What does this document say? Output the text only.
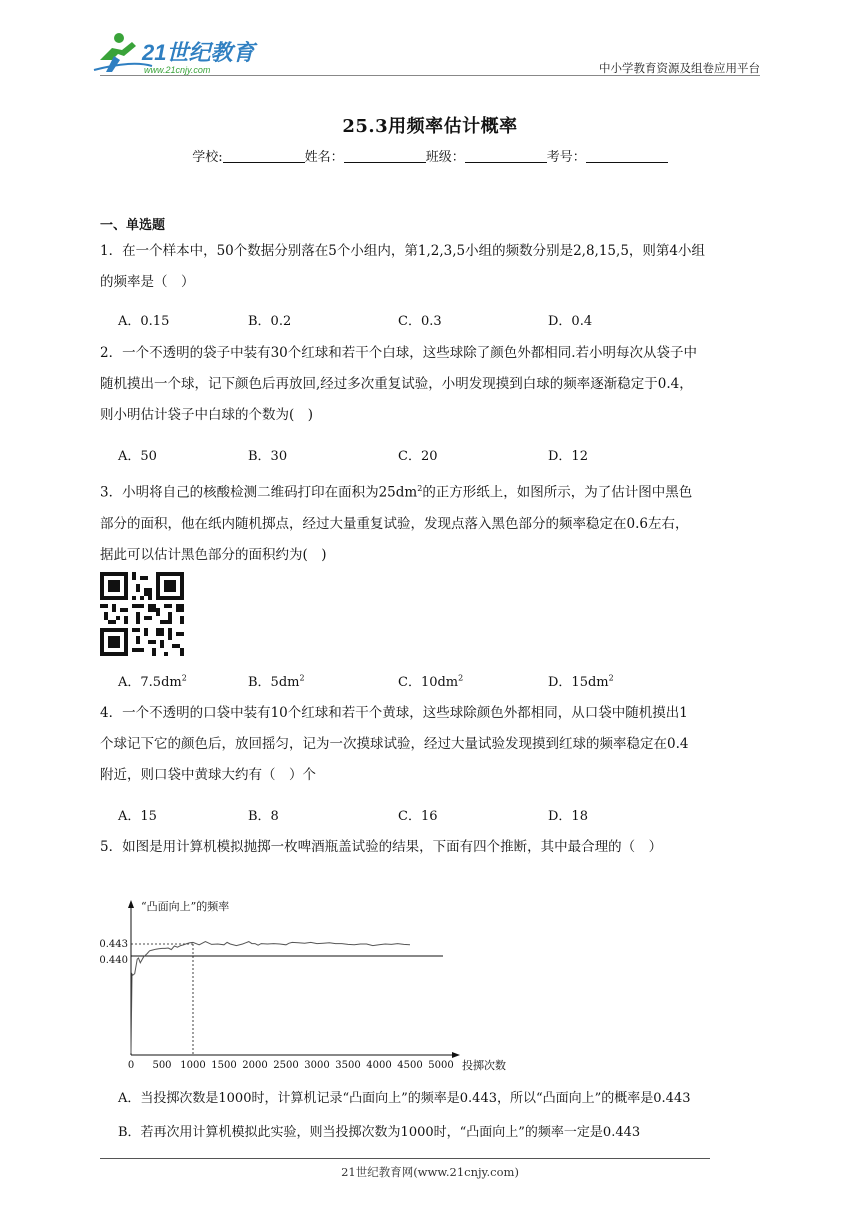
21世纪教育
www.21cnjy.com	中小学教育资源及组卷应用平台
25.3用频率估计概率
学校:	姓名：	班级：	考号：
一、单选题
1．在一个样本中，50个数据分别落在5个小组内，第1,2,3,5小组的频数分别是2,8,15,5，则第4小组
的频率是（　）
A．0.15	B．0.2	C．0.3	D．0.4
2．一个不透明的袋子中装有30个红球和若干个白球，这些球除了颜色外都相同.若小明每次从袋子中
随机摸出一个球，记下颜色后再放回,经过多次重复试验，小明发现摸到白球的频率逐渐稳定于0.4，
则小明估计袋子中白球的个数为(　)
A．50	B．30	C．20	D．12
3．小明将自己的核酸检测二维码打印在面积为$25dm^2$的正方形纸上，如图所示，为了估计图中黑色
部分的面积，他在纸内随机掷点，经过大量重复试验，发现点落入黑色部分的频率稳定在0.6左右，
据此可以估计黑色部分的面积约为(　)
A．$7.5dm^2$	B．$5dm^2$	C．$10dm^2$	D．$15dm^2$
4．一个不透明的口袋中装有10个红球和若干个黄球，这些球除颜色外都相同，从口袋中随机摸出1
个球记下它的颜色后，放回摇匀，记为一次摸球试验，经过大量试验发现摸到红球的频率稳定在0.4
附近，则口袋中黄球大约有（　）个
A．15	B．8	C．16	D．18
5．如图是用计算机模拟抛掷一枚啤酒瓶盖试验的结果，下面有四个推断，其中最合理的（　）
“凸面向上”的频率
投掷次数
0 500 1000 1500 2000 2500 3000 3500 4000 4500 5000
0.443
0.440
A．当投掷次数是1000时，计算机记录“凸面向上”的频率是0.443，所以“凸面向上”的概率是0.443
B．若再次用计算机模拟此实验，则当投掷次数为1000时，“凸面向上”的频率一定是0.443
21世纪教育网(www.21cnjy.com)
